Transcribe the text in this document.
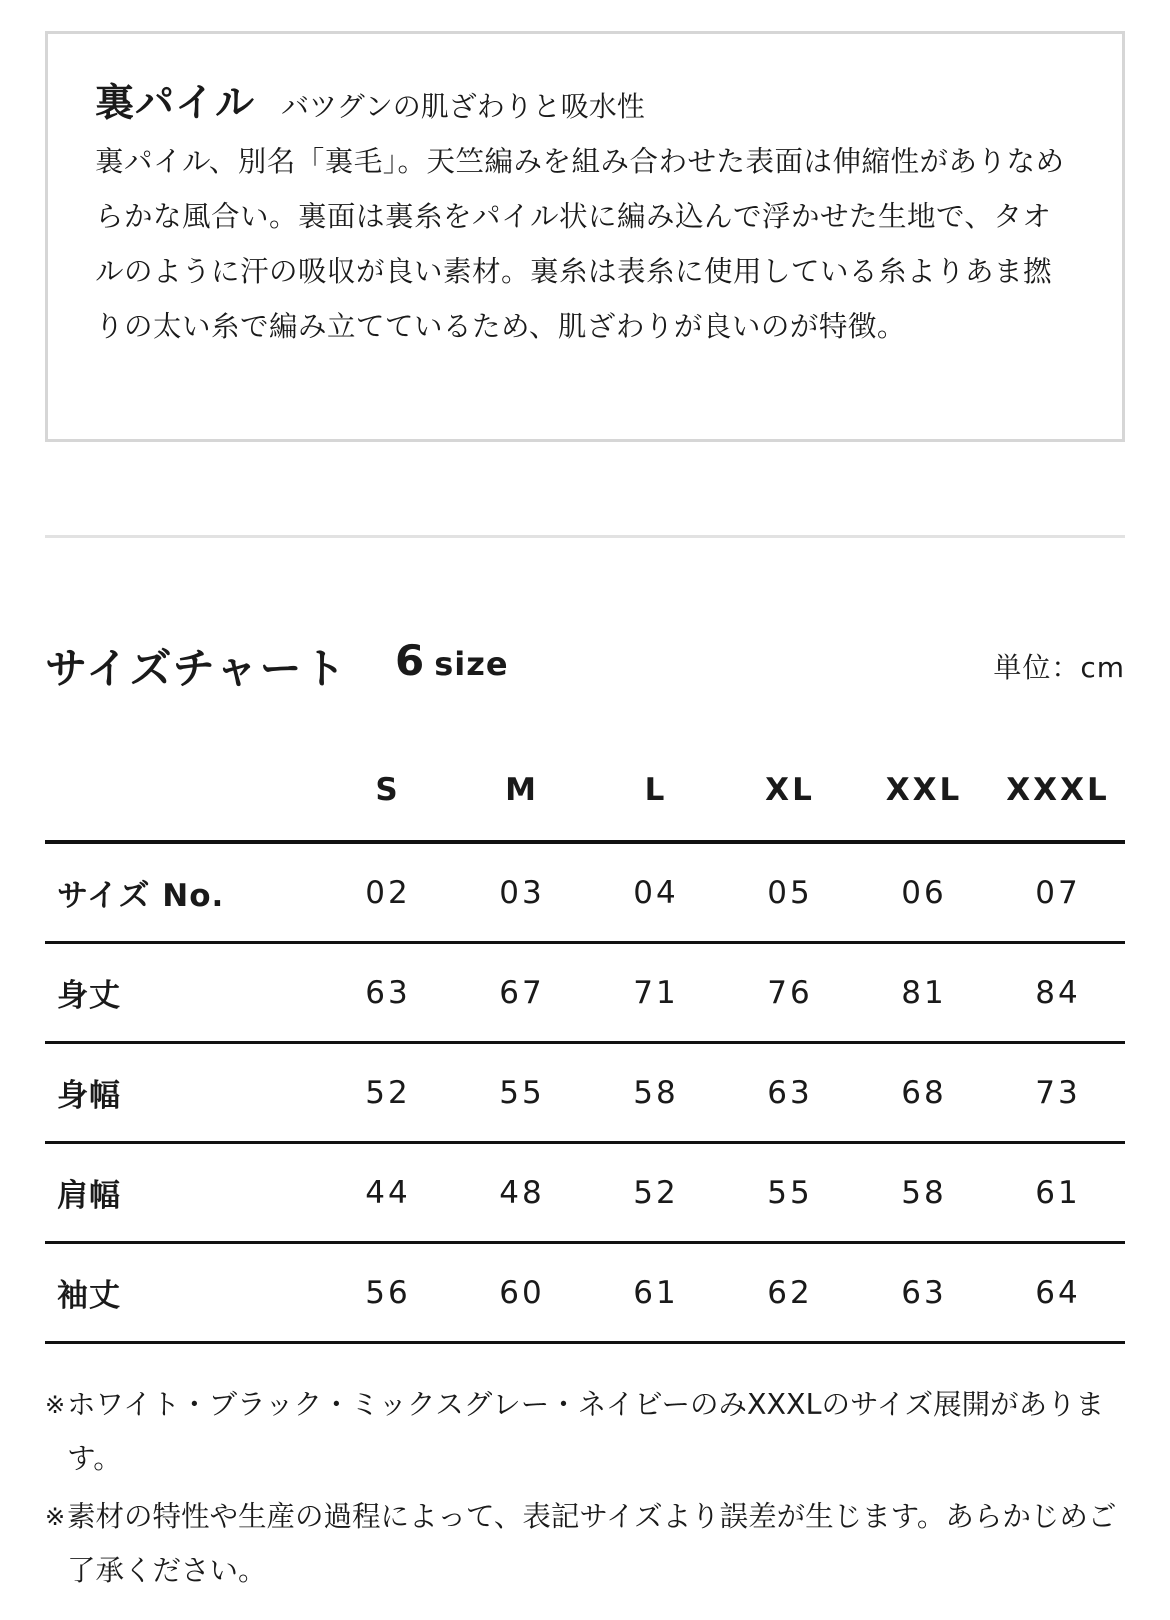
裏パイル バツグンの肌ざわりと吸水性
裏パイル、別名「裏毛」。天竺編みを組み合わせた表面は伸縮性がありなめらかな風合い。裏面は裏糸をパイル状に編み込んで浮かせた生地で、タオルのように汗の吸収が良い素材。裏糸は表糸に使用している糸よりあま撚りの太い糸で編み立てているため、肌ざわりが良いのが特徴。
サイズチャート 6 size	単位：cm
	S	M	L	XL	XXL	XXXL
サイズ No.	02	03	04	05	06	07
身丈	63	67	71	76	81	84
身幅	52	55	58	63	68	73
肩幅	44	48	52	55	58	61
袖丈	56	60	61	62	63	64
※ ホワイト・ブラック・ミックスグレー・ネイビーのみXXXLのサイズ展開があります。
※ 素材の特性や生産の過程によって、表記サイズより誤差が生じます。あらかじめご了承ください。
